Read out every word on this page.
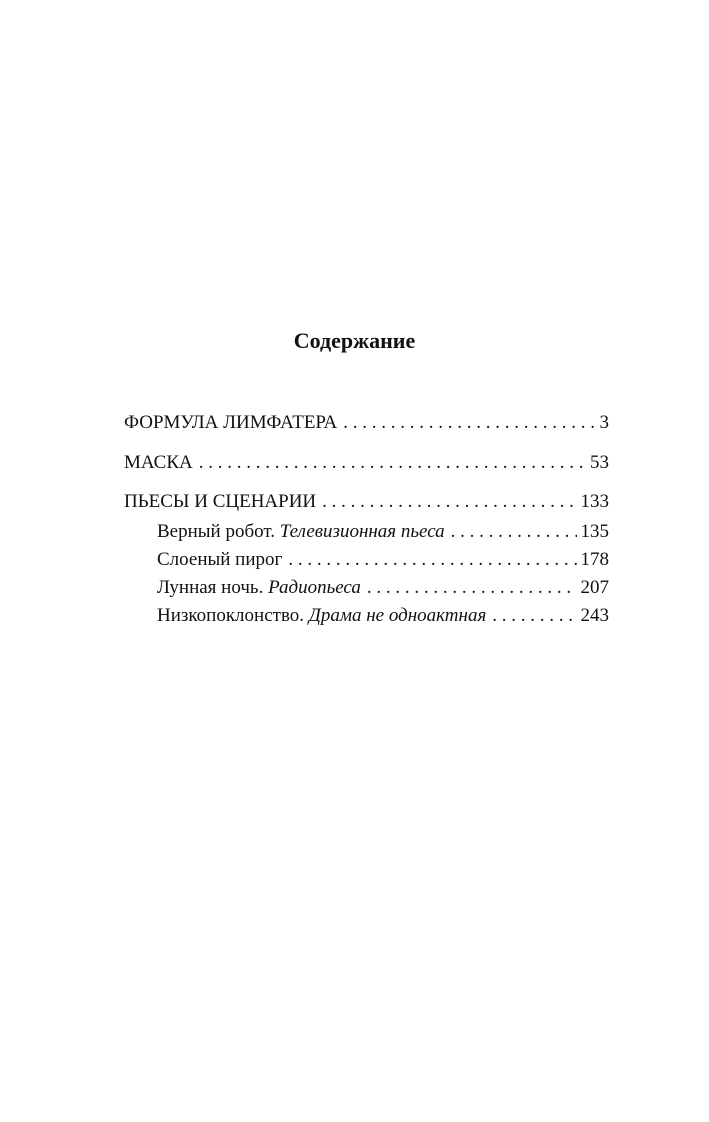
Содержание
ФОРМУЛА ЛИМФАТЕРА . . .	3
МАСКА . . .	53
ПЬЕСЫ И СЦЕНАРИИ . . .	133
Верный робот. Телевизионная пьеса . . .	135
Слоеный пирог . . .	178
Лунная ночь. Радиопьеса . . .	207
Низкопоклонство. Драма не одноактная . . .	243
